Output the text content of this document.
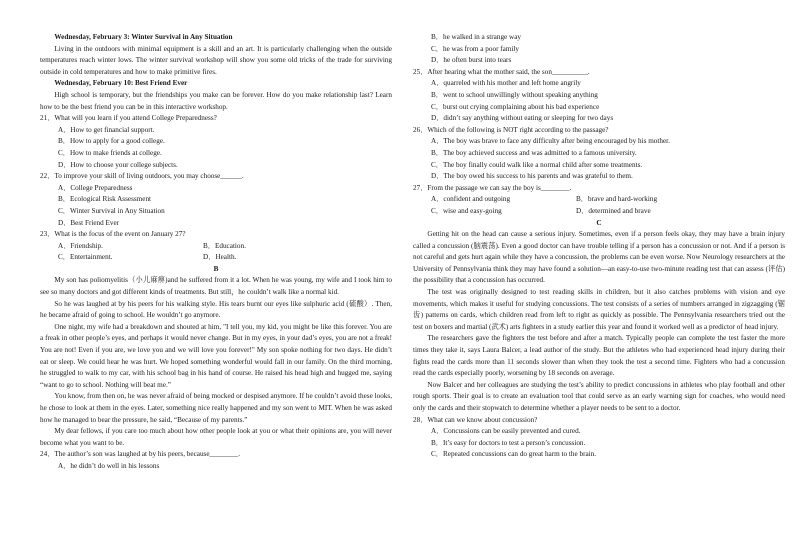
Wednesday, February 3: Winter Survival in Any Situation

Living in the outdoors with minimal equipment is a skill and an art. It is particularly challenging when the outside temperatures reach winter lows. The winter survival workshop will show you some old tricks of the trade for surviving outside in cold temperatures and how to make primitive fires.

Wednesday, February 10: Best Friend Ever

High school is temporary, but the friendships you make can be forever. How do you make relationship last? Learn how to be the best friend you can be in this interactive workshop.

21．What will you learn if you attend College Preparedness?

A．How to get financial support.

B．How to apply for a good college.

C．How to make friends at college.

D．How to choose your college subjects.

22．To improve your skill of living outdoors, you may choose______.

A．College Preparedness

B．Ecological Risk Assessment

C．Winter Survival in Any Situation

D．Best Friend Ever

23．What is the focus of the event on January 27?

A．Friendship.	B．Education.
C．Entertainment.	D．Health.

B

My son has poliomyelitis（小儿麻痹)and he suffered from it a lot. When he was young, my wife and I took him to see so many doctors and got different kinds of treatments. But still，he couldn’t walk like a normal kid.

So he was laughed at by his peers for his walking style. His tears burnt our eyes like sulphuric acid (硫酸）. Then, he became afraid of going to school. He wouldn’t go anymore.

One night, my wife had a breakdown and shouted at him, "I tell you, my kid, you might be like this forever. You are a freak in other people’s eyes, and perhaps it would never change. But in my eyes, in your dad’s eyes, you are not a freak! You are not! Even if you are, we love you and we will love you forever!" My son spoke nothing for two days. He didn’t eat or sleep. We could hear he was hurt. We hoped something wonderful would fall in our family. On the third morning, he struggled to walk to my car, with his school bag in his hand of course. He raised his head high and hugged me, saying “want to go to school. Nothing will beat me.”

You know, from then on, he was never afraid of being mocked or despised anymore. If he couldn’t avoid these looks, he chose to look at them in the eyes. Later, something nice really happened and my son went to MIT. When he was asked how he managed to bear the pressure, he said, “Because of my parents.”

My dear fellows, if you care too much about how other people look at you or what their opinions are, you will never become what you want to be.

24．The author’s son was laughed at by his peers, because________.

A．he didn’t do well in his lessons

B．he walked in a strange way

C．he was from a poor family

D．he often burst into tears

25．After hearing what the mother said, the son__________.

A．quarreled with his mother and left home angrily

B．went to school unwillingly without speaking anything

C．burst out crying complaining about his bad experience

D．didn’t say anything without eating or sleeping for two days

26．Which of the following is NOT right according to the passage?

A．The boy was brave to face any difficulty after being encouraged by his mother.

B．The boy achieved success and was admitted to a famous university.

C．The boy finally could walk like a normal child after some treatments.

D．The boy owed his success to his parents and was grateful to them.

27．From the passage we can say the boy is________.

A．confident and outgoing	B．brave and hard-working
C．wise and easy-going	D．determined and brave

C

Getting hit on the head can cause a serious injury. Sometimes, even if a person feels okay, they may have a brain injury called a concussion (脑震荡). Even a good doctor can have trouble telling if a person has a concussion or not. And if a person is not careful and gets hurt again while they have a concussion, the problems can be even worse. Now Neurology researchers at the University of Pennsylvania think they may have found a solution—an easy-to-use two-minute reading test that can assess (评估) the possibility that a concussion has occurred.

The test was originally designed to test reading skills in children, but it also catches problems with vision and eye movements, which makes it useful for studying concussions. The test consists of a series of numbers arranged in zigzagging (锯齿) patterns on cards, which children read from left to right as quickly as possible. The Pennsylvania researchers tried out the test on boxers and martial (武术) arts fighters in a study earlier this year and found it worked well as a predictor of head injury.

The researchers gave the fighters the test before and after a match. Typically people can complete the test faster the more times they take it, says Laura Balcer, a lead author of the study. But the athletes who had experienced head injury during their fights read the cards more than 11 seconds slower than when they took the test a second time. Fighters who had a concussion read the cards especially poorly, worsening by 18 seconds on average.

Now Balcer and her colleagues are studying the test’s ability to predict concussions in athletes who play football and other rough sports. Their goal is to create an evaluation tool that could serve as an early warning sign for coaches, who would need only the cards and their stopwatch to determine whether a player needs to be sent to a doctor.

28．What can we know about concussion?

A．Concussions can be easily prevented and cured.

B．It’s easy for doctors to test a person’s concussion.

C．Repeated concussions can do great harm to the brain.
